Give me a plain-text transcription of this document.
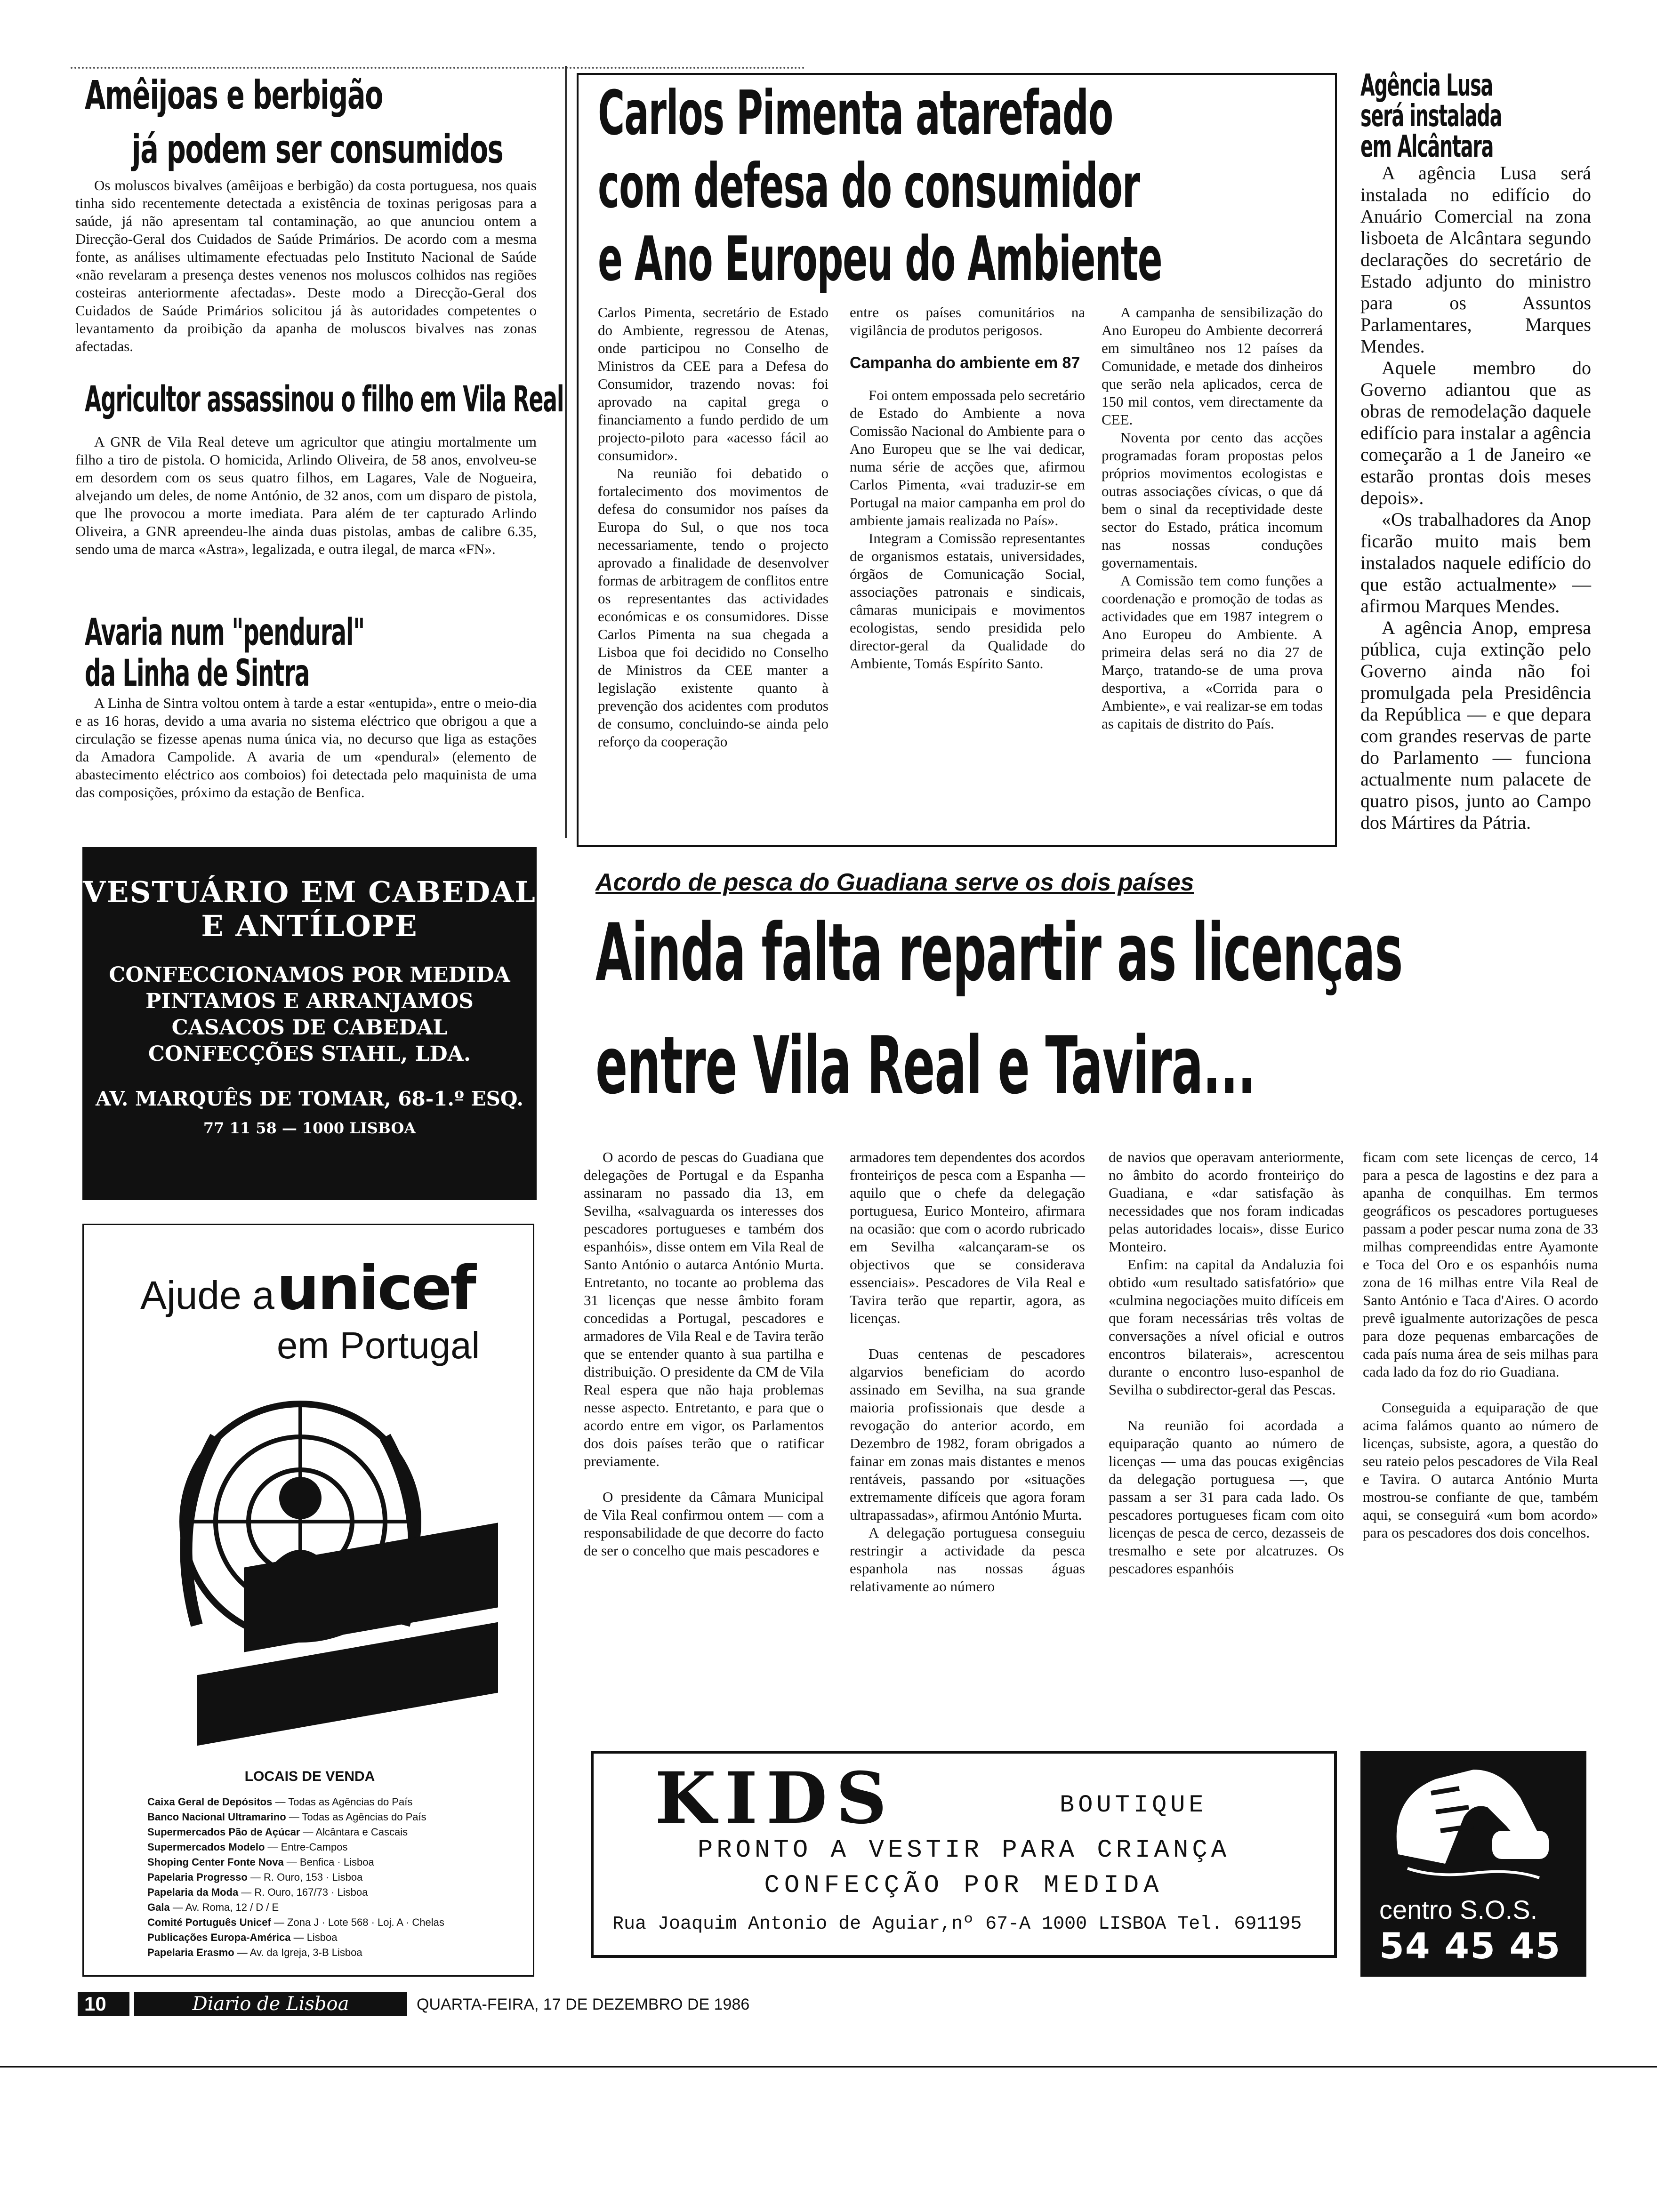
Amêijoas e berbigão
já podem ser consumidos

Os moluscos bivalves (amêijoas e berbigão) da costa portuguesa, nos quais tinha sido recentemente detectada a existência de toxinas perigosas para a saúde, já não apresentam tal contaminação, ao que anunciou ontem a Direcção-Geral dos Cuidados de Saúde Primários. De acordo com a mesma fonte, as análises ultimamente efectuadas pelo Instituto Nacional de Saúde «não revelaram a presença destes venenos nos moluscos colhidos nas regiões costeiras anteriormente afectadas». Deste modo a Direcção-Geral dos Cuidados de Saúde Primários solicitou já às autoridades competentes o levantamento da proibição da apanha de moluscos bivalves nas zonas afectadas.

Agricultor assassinou o filho em Vila Real

A GNR de Vila Real deteve um agricultor que atingiu mortalmente um filho a tiro de pistola. O homicida, Arlindo Oliveira, de 58 anos, envolveu-se em desordem com os seus quatro filhos, em Lagares, Vale de Nogueira, alvejando um deles, de nome António, de 32 anos, com um disparo de pistola, que lhe provocou a morte imediata. Para além de ter capturado Arlindo Oliveira, a GNR apreendeu-lhe ainda duas pistolas, ambas de calibre 6.35, sendo uma de marca «Astra», legalizada, e outra ilegal, de marca «FN».

Avaria num "pendural"
da Linha de Sintra

A Linha de Sintra voltou ontem à tarde a estar «entupida», entre o meio-dia e as 16 horas, devido a uma avaria no sistema eléctrico que obrigou a que a circulação se fizesse apenas numa única via, no decurso que liga as estações da Amadora Campolide. A avaria de um «pendural» (elemento de abastecimento eléctrico aos comboios) foi detectada pelo maquinista de uma das composições, próximo da estação de Benfica.

Carlos Pimenta atarefado
com defesa do consumidor
e Ano Europeu do Ambiente

Carlos Pimenta, secretário de Estado do Ambiente, regressou de Atenas, onde participou no Conselho de Ministros da CEE para a Defesa do Consumidor, trazendo novas: foi aprovado na capital grega o financiamento a fundo perdido de um projecto-piloto para «acesso fácil ao consumidor».

Na reunião foi debatido o fortalecimento dos movimentos de defesa do consumidor nos países da Europa do Sul, o que nos toca necessariamente, tendo o projecto aprovado a finalidade de desenvolver formas de arbitragem de conflitos entre os representantes das actividades económicas e os consumidores. Disse Carlos Pimenta na sua chegada a Lisboa que foi decidido no Conselho de Ministros da CEE manter a legislação existente quanto à prevenção dos acidentes com produtos de consumo, concluindo-se ainda pelo reforço da cooperação

entre os países comunitários na vigilância de produtos perigosos.

Campanha do ambiente em 87

Foi ontem empossada pelo secretário de Estado do Ambiente a nova Comissão Nacional do Ambiente para o Ano Europeu que se lhe vai dedicar, numa série de acções que, afirmou Carlos Pimenta, «vai traduzir-se em Portugal na maior campanha em prol do ambiente jamais realizada no País».

Integram a Comissão representantes de organismos estatais, universidades, órgãos de Comunicação Social, associações patronais e sindicais, câmaras municipais e movimentos ecologistas, sendo presidida pelo director-geral da Qualidade do Ambiente, Tomás Espírito Santo.

A campanha de sensibilização do Ano Europeu do Ambiente decorrerá em simultâneo nos 12 países da Comunidade, e metade dos dinheiros que serão nela aplicados, cerca de 150 mil contos, vem directamente da CEE.

Noventa por cento das acções programadas foram propostas pelos próprios movimentos ecologistas e outras associações cívicas, o que dá bem o sinal da receptividade deste sector do Estado, prática incomum nas nossas conduções governamentais.

A Comissão tem como funções a coordenação e promoção de todas as actividades que em 1987 integrem o Ano Europeu do Ambiente. A primeira delas será no dia 27 de Março, tratando-se de uma prova desportiva, a «Corrida para o Ambiente», e vai realizar-se em todas as capitais de distrito do País.

Agência Lusa
será instalada
em Alcântara

A agência Lusa será instalada no edifício do Anuário Comercial na zona lisboeta de Alcântara segundo declarações do secretário de Estado adjunto do ministro para os Assuntos Parlamentares, Marques Mendes.

Aquele membro do Governo adiantou que as obras de remodelação daquele edifício para instalar a agência começarão a 1 de Janeiro «e estarão prontas dois meses depois».

«Os trabalhadores da Anop ficarão muito mais bem instalados naquele edifício do que estão actualmente» — afirmou Marques Mendes.

A agência Anop, empresa pública, cuja extinção pelo Governo ainda não foi promulgada pela Presidência da República — e que depara com grandes reservas de parte do Parlamento — funciona actualmente num palacete de quatro pisos, junto ao Campo dos Mártires da Pátria.

VESTUÁRIO EM CABEDAL
E ANTÍLOPE
CONFECCIONAMOS POR MEDIDA
PINTAMOS E ARRANJAMOS
CASACOS DE CABEDAL
CONFECÇÕES STAHL, LDA.
AV. MARQUÊS DE TOMAR, 68-1.º ESQ.
77 11 58 — 1000 LISBOA
Ajude a unicef
em Portugal
LOCAIS DE VENDA
Caixa Geral de Depósitos — Todas as Agências do País
Banco Nacional Ultramarino — Todas as Agências do País
Supermercados Pão de Açúcar — Alcântara e Cascais
Supermercados Modelo — Entre-Campos
Shoping Center Fonte Nova — Benfica · Lisboa
Papelaria Progresso — R. Ouro, 153 · Lisboa
Papelaria da Moda — R. Ouro, 167/73 · Lisboa
Gala — Av. Roma, 12 / D / E
Comité Português Unicef — Zona J · Lote 568 · Loj. A · Chelas
Publicações Europa-América — Lisboa
Papelaria Erasmo — Av. da Igreja, 3-B Lisboa
Acordo de pesca do Guadiana serve os dois países
Ainda falta repartir as licenças
entre Vila Real e Tavira...

O acordo de pescas do Guadiana que delegações de Portugal e da Espanha assinaram no passado dia 13, em Sevilha, «salvaguarda os interesses dos pescadores portugueses e também dos espanhóis», disse ontem em Vila Real de Santo António o autarca António Murta. Entretanto, no tocante ao problema das 31 licenças que nesse âmbito foram concedidas a Portugal, pescadores e armadores de Vila Real e de Tavira terão que se entender quanto à sua partilha e distribuição. O presidente da CM de Vila Real espera que não haja problemas nesse aspecto. Entretanto, e para que o acordo entre em vigor, os Parlamentos dos dois países terão que o ratificar previamente.

O presidente da Câmara Municipal de Vila Real confirmou ontem — com a responsabilidade de que decorre do facto de ser o concelho que mais pescadores e

armadores tem dependentes dos acordos fronteiriços de pesca com a Espanha — aquilo que o chefe da delegação portuguesa, Eurico Monteiro, afirmara na ocasião: que com o acordo rubricado em Sevilha «alcançaram-se os objectivos que se considerava essenciais». Pescadores de Vila Real e Tavira terão que repartir, agora, as licenças.

Duas centenas de pescadores algarvios beneficiam do acordo assinado em Sevilha, na sua grande maioria profissionais que desde a revogação do anterior acordo, em Dezembro de 1982, foram obrigados a fainar em zonas mais distantes e menos rentáveis, passando por «situações extremamente difíceis que agora foram ultrapassadas», afirmou António Murta.

A delegação portuguesa conseguiu restringir a actividade da pesca espanhola nas nossas águas relativamente ao número

de navios que operavam anteriormente, no âmbito do acordo fronteiriço do Guadiana, e «dar satisfação às necessidades que nos foram indicadas pelas autoridades locais», disse Eurico Monteiro.

Enfim: na capital da Andaluzia foi obtido «um resultado satisfatório» que «culmina negociações muito difíceis em que foram necessárias três voltas de conversações a nível oficial e outros encontros bilaterais», acrescentou durante o encontro luso-espanhol de Sevilha o subdirector-geral das Pescas.

Na reunião foi acordada a equiparação quanto ao número de licenças — uma das poucas exigências da delegação portuguesa —, que passam a ser 31 para cada lado. Os pescadores portugueses ficam com oito licenças de pesca de cerco, dezasseis de tresmalho e sete por alcatruzes. Os pescadores espanhóis

ficam com sete licenças de cerco, 14 para a pesca de lagostins e dez para a apanha de conquilhas. Em termos geográficos os pescadores portugueses passam a poder pescar numa zona de 33 milhas compreendidas entre Ayamonte e Toca del Oro e os espanhóis numa zona de 16 milhas entre Vila Real de Santo António e Taca d'Aires. O acordo prevê igualmente autorizações de pesca para doze pequenas embarcações de cada país numa área de seis milhas para cada lado da foz do rio Guadiana.

Conseguida a equiparação de que acima falámos quanto ao número de licenças, subsiste, agora, a questão do seu rateio pelos pescadores de Vila Real e Tavira. O autarca António Murta mostrou-se confiante de que, também aqui, se conseguirá «um bom acordo» para os pescadores dos dois concelhos.

KIDS	BOUTIQUE
PRONTO A VESTIR PARA CRIANÇA
CONFECÇÃO POR MEDIDA
Rua Joaquim Antonio de Aguiar,nº 67-A 1000 LISBOA Tel. 691195	centro S.O.S.
54 45 45
10	Diario de Lisboa	QUARTA-FEIRA, 17 DE DEZEMBRO DE 1986
